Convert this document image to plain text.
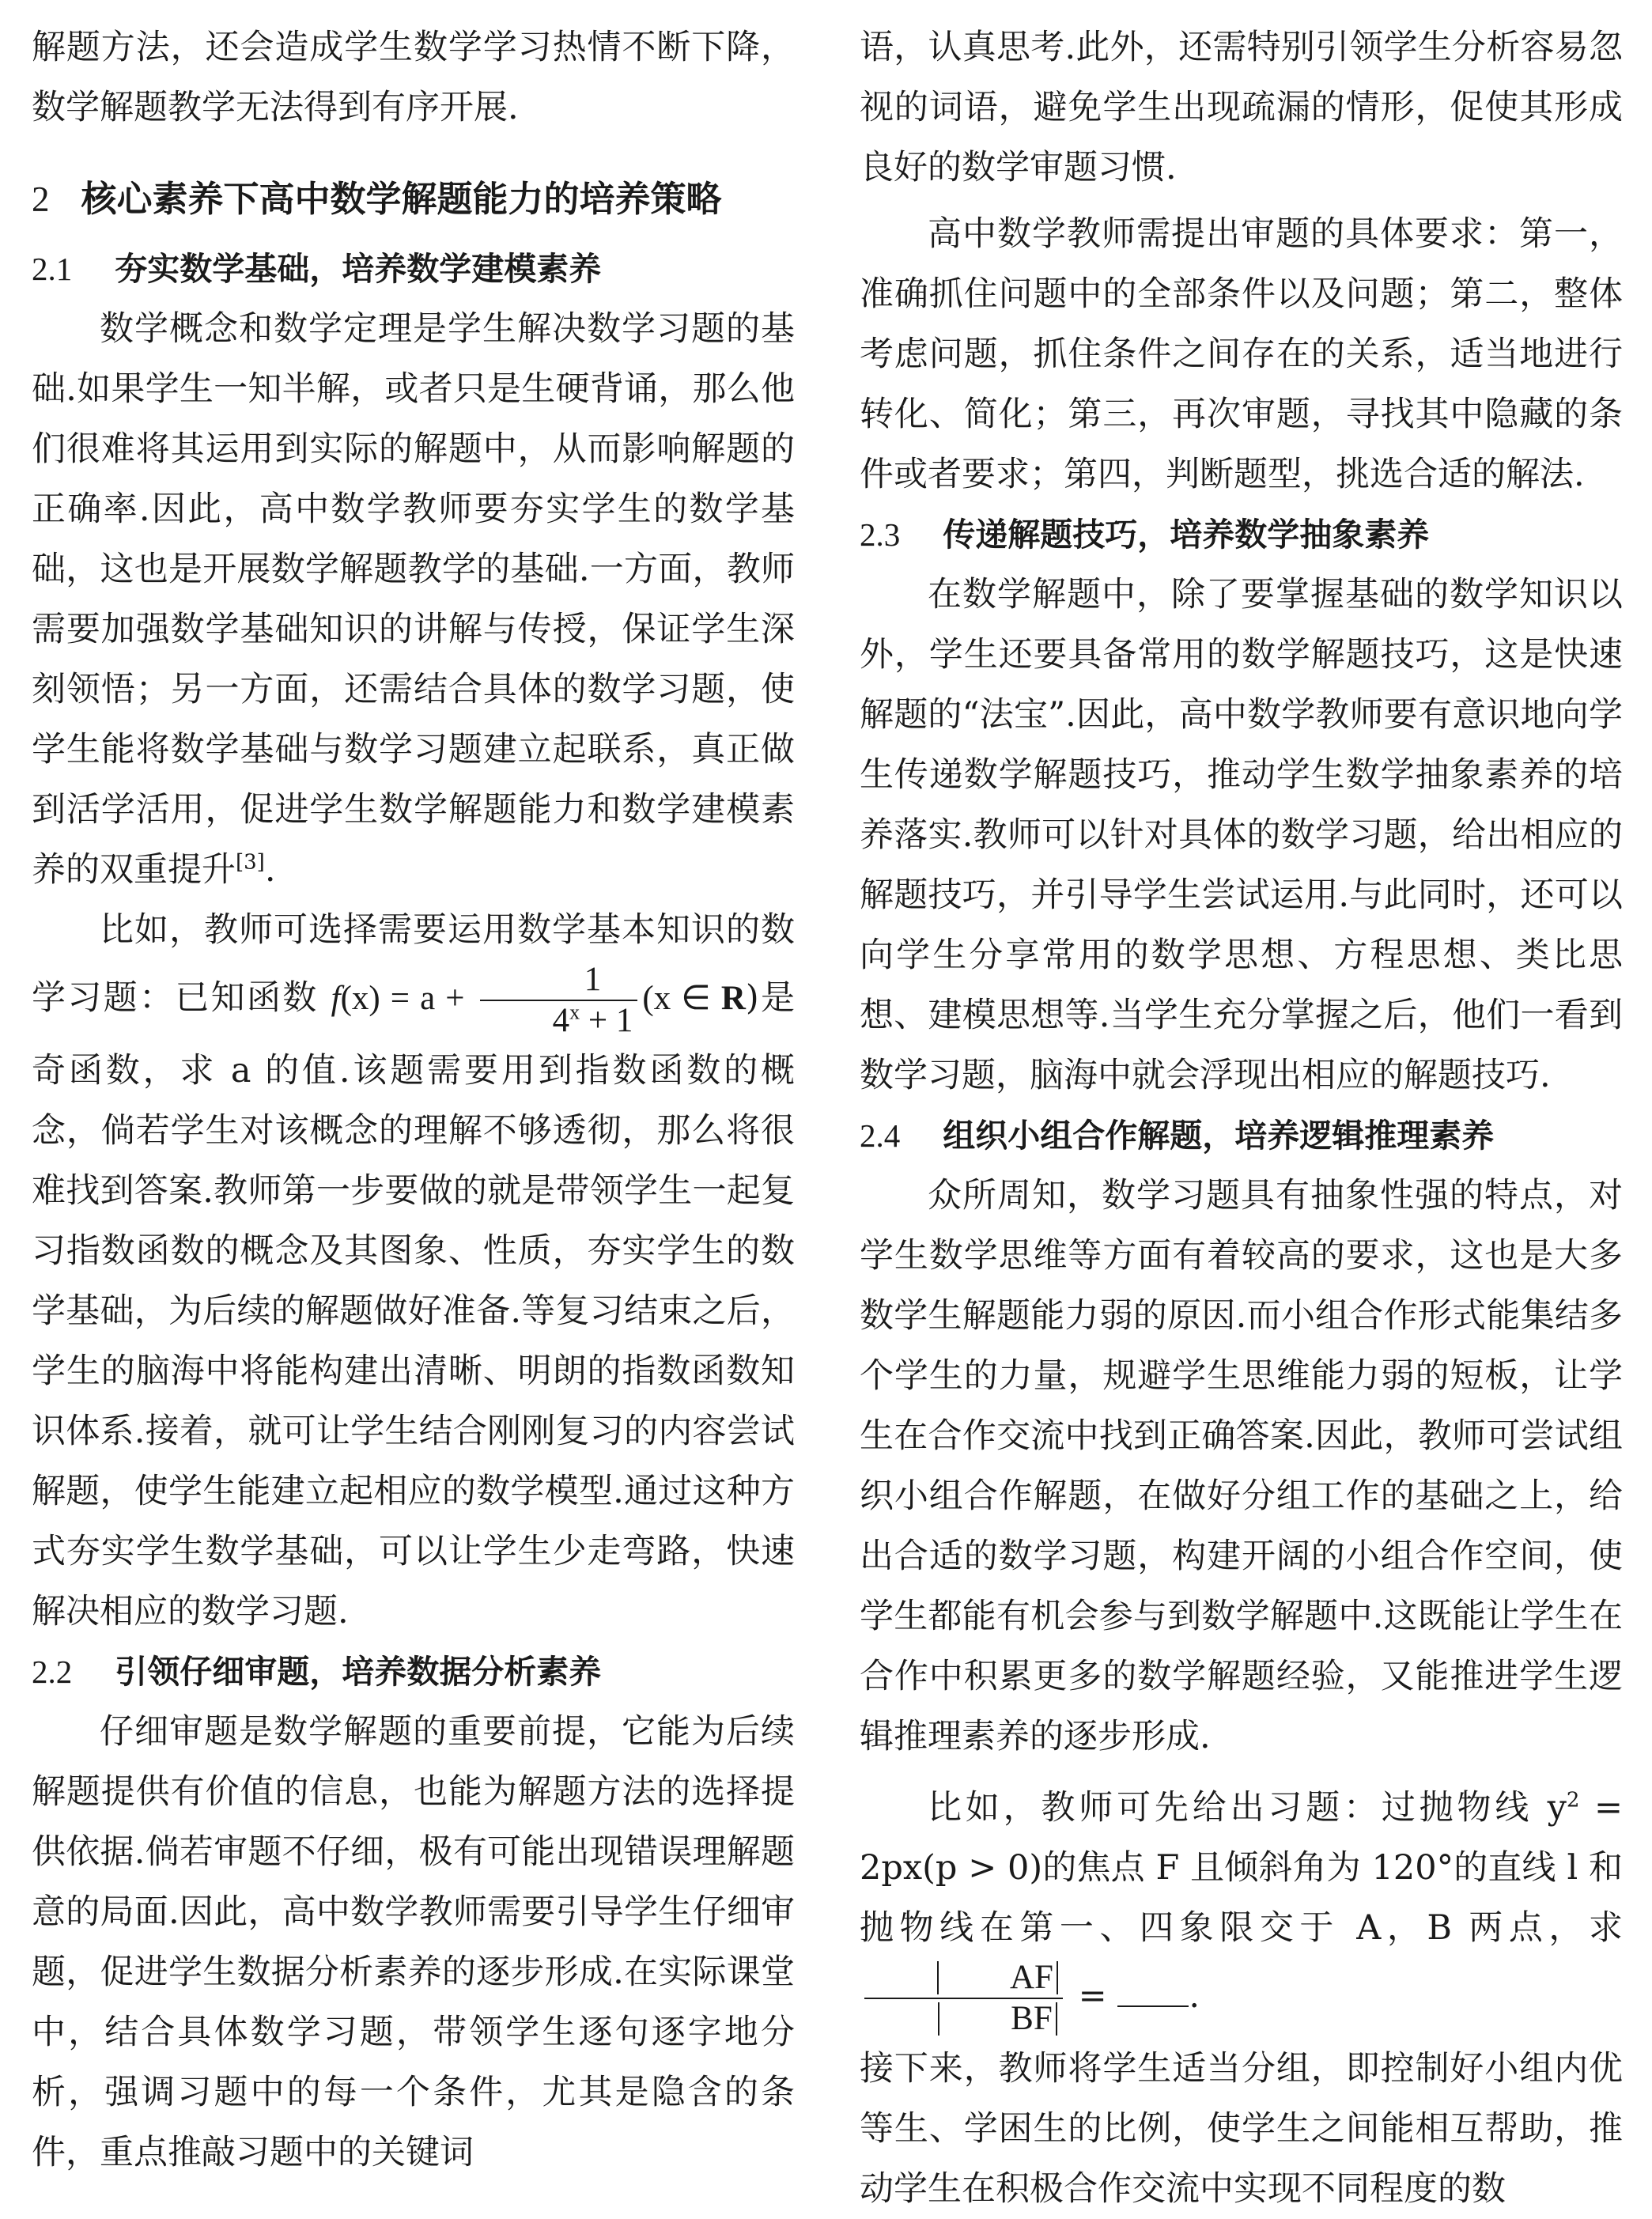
解题方法，还会造成学生数学学习热情不断下降，数学解题教学无法得到有序开展.

2 核心素养下高中数学解题能力的培养策略
2.1 夯实数学基础，培养数学建模素养

数学概念和数学定理是学生解决数学习题的基础.如果学生一知半解，或者只是生硬背诵，那么他们很难将其运用到实际的解题中，从而影响解题的正确率.因此，高中数学教师要夯实学生的数学基础，这也是开展数学解题教学的基础.一方面，教师需要加强数学基础知识的讲解与传授，保证学生深刻领悟；另一方面，还需结合具体的数学习题，使学生能将数学基础与数学习题建立起联系，真正做到活学活用，促进学生数学解题能力和数学建模素养的双重提升[3].

比如，教师可选择需要运用数学基本知识的数学习题：已知函数 $f(x) = a + \frac{1}{4^x + 1} (x$ ∈ R)是奇函数，求 a 的值.该题需要用到指数函数的概念，倘若学生对该概念的理解不够透彻，那么将很难找到答案.教师第一步要做的就是带领学生一起复习指数函数的概念及其图象、性质，夯实学生的数学基础，为后续的解题做好准备.等复习结束之后，学生的脑海中将能构建出清晰、明朗的指数函数知识体系.接着，就可让学生结合刚刚复习的内容尝试解题，使学生能建立起相应的数学模型.通过这种方式夯实学生数学基础，可以让学生少走弯路，快速解决相应的数学习题.

2.2 引领仔细审题，培养数据分析素养

仔细审题是数学解题的重要前提，它能为后续解题提供有价值的信息，也能为解题方法的选择提供依据.倘若审题不仔细，极有可能出现错误理解题意的局面.因此，高中数学教师需要引导学生仔细审题，促进学生数据分析素养的逐步形成.在实际课堂中，结合具体数学习题，带领学生逐句逐字地分析，强调习题中的每一个条件，尤其是隐含的条件，重点推敲习题中的关键词

语，认真思考.此外，还需特别引领学生分析容易忽视的词语，避免学生出现疏漏的情形，促使其形成良好的数学审题习惯.

高中数学教师需提出审题的具体要求：第一，准确抓住问题中的全部条件以及问题；第二，整体考虑问题，抓住条件之间存在的关系，适当地进行转化、简化；第三，再次审题，寻找其中隐藏的条件或者要求；第四，判断题型，挑选合适的解法.

2.3 传递解题技巧，培养数学抽象素养

在数学解题中，除了要掌握基础的数学知识以外，学生还要具备常用的数学解题技巧，这是快速解题的“法宝”.因此，高中数学教师要有意识地向学生传递数学解题技巧，推动学生数学抽象素养的培养落实.教师可以针对具体的数学习题，给出相应的解题技巧，并引导学生尝试运用.与此同时，还可以向学生分享常用的数学思想、方程思想、类比思想、建模思想等.当学生充分掌握之后，他们一看到数学习题，脑海中就会浮现出相应的解题技巧.

2.4 组织小组合作解题，培养逻辑推理素养

众所周知，数学习题具有抽象性强的特点，对学生数学思维等方面有着较高的要求，这也是大多数学生解题能力弱的原因.而小组合作形式能集结多个学生的力量，规避学生思维能力弱的短板，让学生在合作交流中找到正确答案.因此，教师可尝试组织小组合作解题，在做好分组工作的基础之上，给出合适的数学习题，构建开阔的小组合作空间，使学生都能有机会参与到数学解题中.这既能让学生在合作中积累更多的数学解题经验，又能推进学生逻辑推理素养的逐步形成.

比如，教师可先给出习题：过抛物线 $y^2 = 2px(p > 0)$的焦点 F 且倾斜角为 120°的直线 l 和抛物线在第一、四象限交于 A，B 两点，求
$\frac{AF}{BF}$ = .

接下来，教师将学生适当分组，即控制好小组内优等生、学困生的比例，使学生之间能相互帮助，推动学生在积极合作交流中实现不同程度的数
